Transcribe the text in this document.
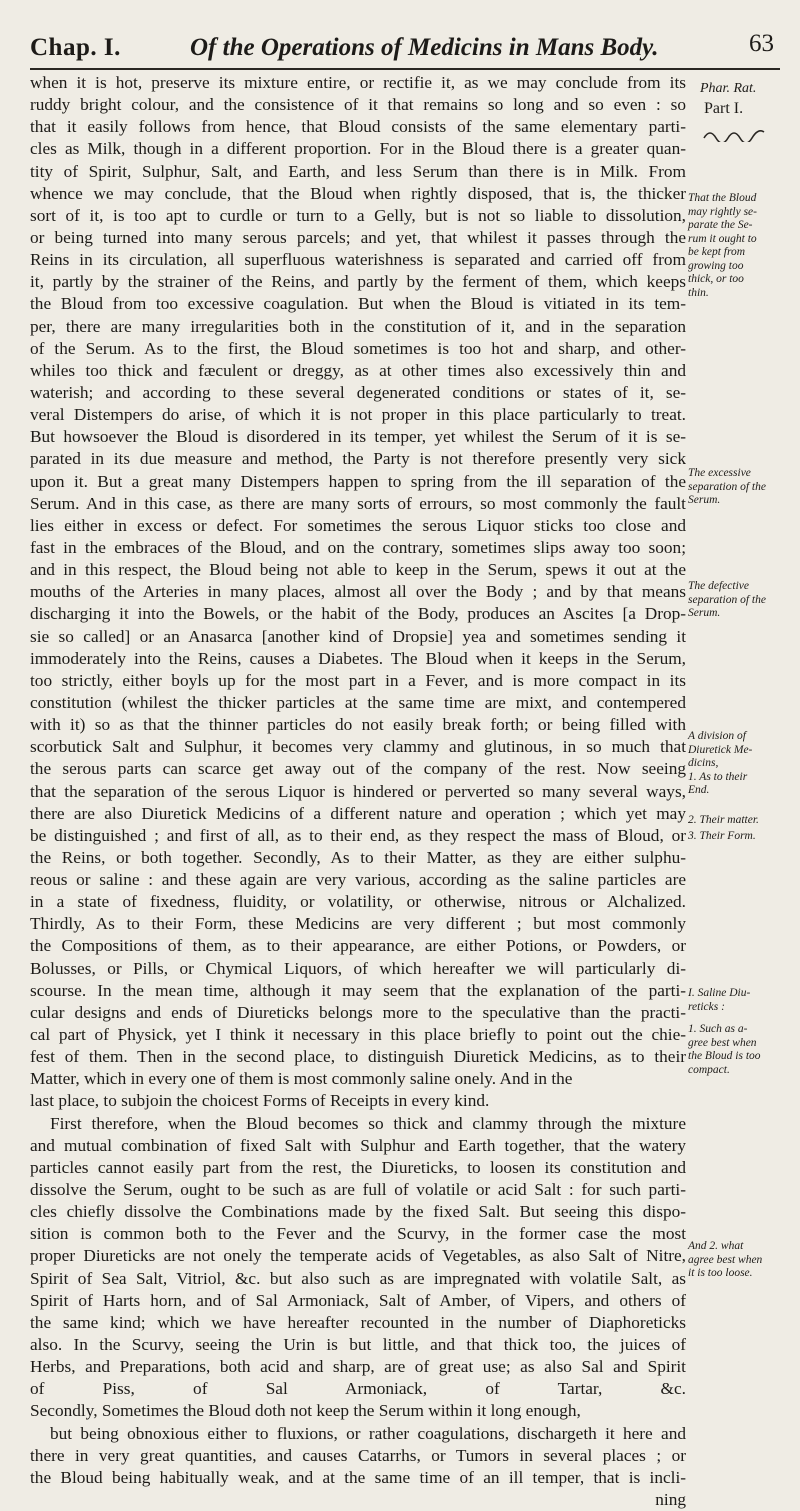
Chap. I.	Of the Operations of Medicins in Mans Body.	63
Phar. Rat.
Part I.
when it is hot, preserve its mixture entire, or rectifie it, as we may conclude from its
ruddy bright colour, and the consistence of it that remains so long and so even : so
that it easily follows from hence, that Bloud consists of the same elementary parti-
cles as Milk, though in a different proportion. For in the Bloud there is a greater quan-
tity of Spirit, Sulphur, Salt, and Earth, and less Serum than there is in Milk. From
whence we may conclude, that the Bloud when rightly disposed, that is, the thicker
sort of it, is too apt to curdle or turn to a Gelly, but is not so liable to dissolution,
or being turned into many serous parcels; and yet, that whilest it passes through the
Reins in its circulation, all superfluous waterishness is separated and carried off from
it, partly by the strainer of the Reins, and partly by the ferment of them, which keeps
the Bloud from too excessive coagulation. But when the Bloud is vitiated in its tem-
per, there are many irregularities both in the constitution of it, and in the separation
of the Serum. As to the first, the Bloud sometimes is too hot and sharp, and other-
whiles too thick and fæculent or dreggy, as at other times also excessively thin and
waterish; and according to these several degenerated conditions or states of it, se-
veral Distempers do arise, of which it is not proper in this place particularly to treat.
But howsoever the Bloud is disordered in its temper, yet whilest the Serum of it is se-
parated in its due measure and method, the Party is not therefore presently very sick
upon it. But a great many Distempers happen to spring from the ill separation of the
Serum. And in this case, as there are many sorts of errours, so most commonly the fault
lies either in excess or defect. For sometimes the serous Liquor sticks too close and
fast in the embraces of the Bloud, and on the contrary, sometimes slips away too soon;
and in this respect, the Bloud being not able to keep in the Serum, spews it out at the
mouths of the Arteries in many places, almost all over the Body ; and by that means
discharging it into the Bowels, or the habit of the Body, produces an Ascites [a Drop-
sie so called] or an Anasarca [another kind of Dropsie] yea and sometimes sending it
immoderately into the Reins, causes a Diabetes. The Bloud when it keeps in the Serum,
too strictly, either boyls up for the most part in a Fever, and is more compact in its
constitution (whilest the thicker particles at the same time are mixt, and contempered
with it) so as that the thinner particles do not easily break forth; or being filled with
scorbutick Salt and Sulphur, it becomes very clammy and glutinous, in so much that
the serous parts can scarce get away out of the company of the rest. Now seeing
that the separation of the serous Liquor is hindered or perverted so many several ways,
there are also Diuretick Medicins of a different nature and operation ; which yet may
be distinguished ; and first of all, as to their end, as they respect the mass of Bloud, or
the Reins, or both together. Secondly, As to their Matter, as they are either sulphu-
reous or saline : and these again are very various, according as the saline particles are
in a state of fixedness, fluidity, or volatility, or otherwise, nitrous or Alchalized.
Thirdly, As to their Form, these Medicins are very different ; but most commonly
the Compositions of them, as to their appearance, are either Potions, or Powders, or
Bolusses, or Pills, or Chymical Liquors, of which hereafter we will particularly di-
scourse. In the mean time, although it may seem that the explanation of the parti-
cular designs and ends of Diureticks belongs more to the speculative than the practi-
cal part of Physick, yet I think it necessary in this place briefly to point out the chie-
fest of them. Then in the second place, to distinguish Diuretick Medicins, as to their
Matter, which in every one of them is most commonly saline onely. And in the
last place, to subjoin the choicest Forms of Receipts in every kind.
First therefore, when the Bloud becomes so thick and clammy through the mixture
and mutual combination of fixed Salt with Sulphur and Earth together, that the watery
particles cannot easily part from the rest, the Diureticks, to loosen its constitution and
dissolve the Serum, ought to be such as are full of volatile or acid Salt : for such parti-
cles chiefly dissolve the Combinations made by the fixed Salt. But seeing this dispo-
sition is common both to the Fever and the Scurvy, in the former case the most
proper Diureticks are not onely the temperate acids of Vegetables, as also Salt of Nitre,
Spirit of Sea Salt, Vitriol, &c. but also such as are impregnated with volatile Salt, as
Spirit of Harts horn, and of Sal Armoniack, Salt of Amber, of Vipers, and others of
the same kind; which we have hereafter recounted in the number of Diaphoreticks
also. In the Scurvy, seeing the Urin is but little, and that thick too, the juices of
Herbs, and Preparations, both acid and sharp, are of great use; as also Sal and Spirit
of Piss, of Sal Armoniack, of Tartar, &c.
Secondly, Sometimes the Bloud doth not keep the Serum within it long enough,
but being obnoxious either to fluxions, or rather coagulations, dischargeth it here and
there in very great quantities, and causes Catarrhs, or Tumors in several places ; or
the Bloud being habitually weak, and at the same time of an ill temper, that is incli-
ning
That the Bloud
may rightly se-
parate the Se-
rum it ought to
be kept from
growing too
thick, or too
thin.
The excessive
separation of the
Serum.
The defective
separation of the
Serum.
A division of
Diuretick Me-
dicins,
1. As to their
End.
2. Their matter.
3. Their Form.
I. Saline Diu-
reticks :
1. Such as a-
gree best when
the Bloud is too
compact.
And 2. what
agree best when
it is too loose.
